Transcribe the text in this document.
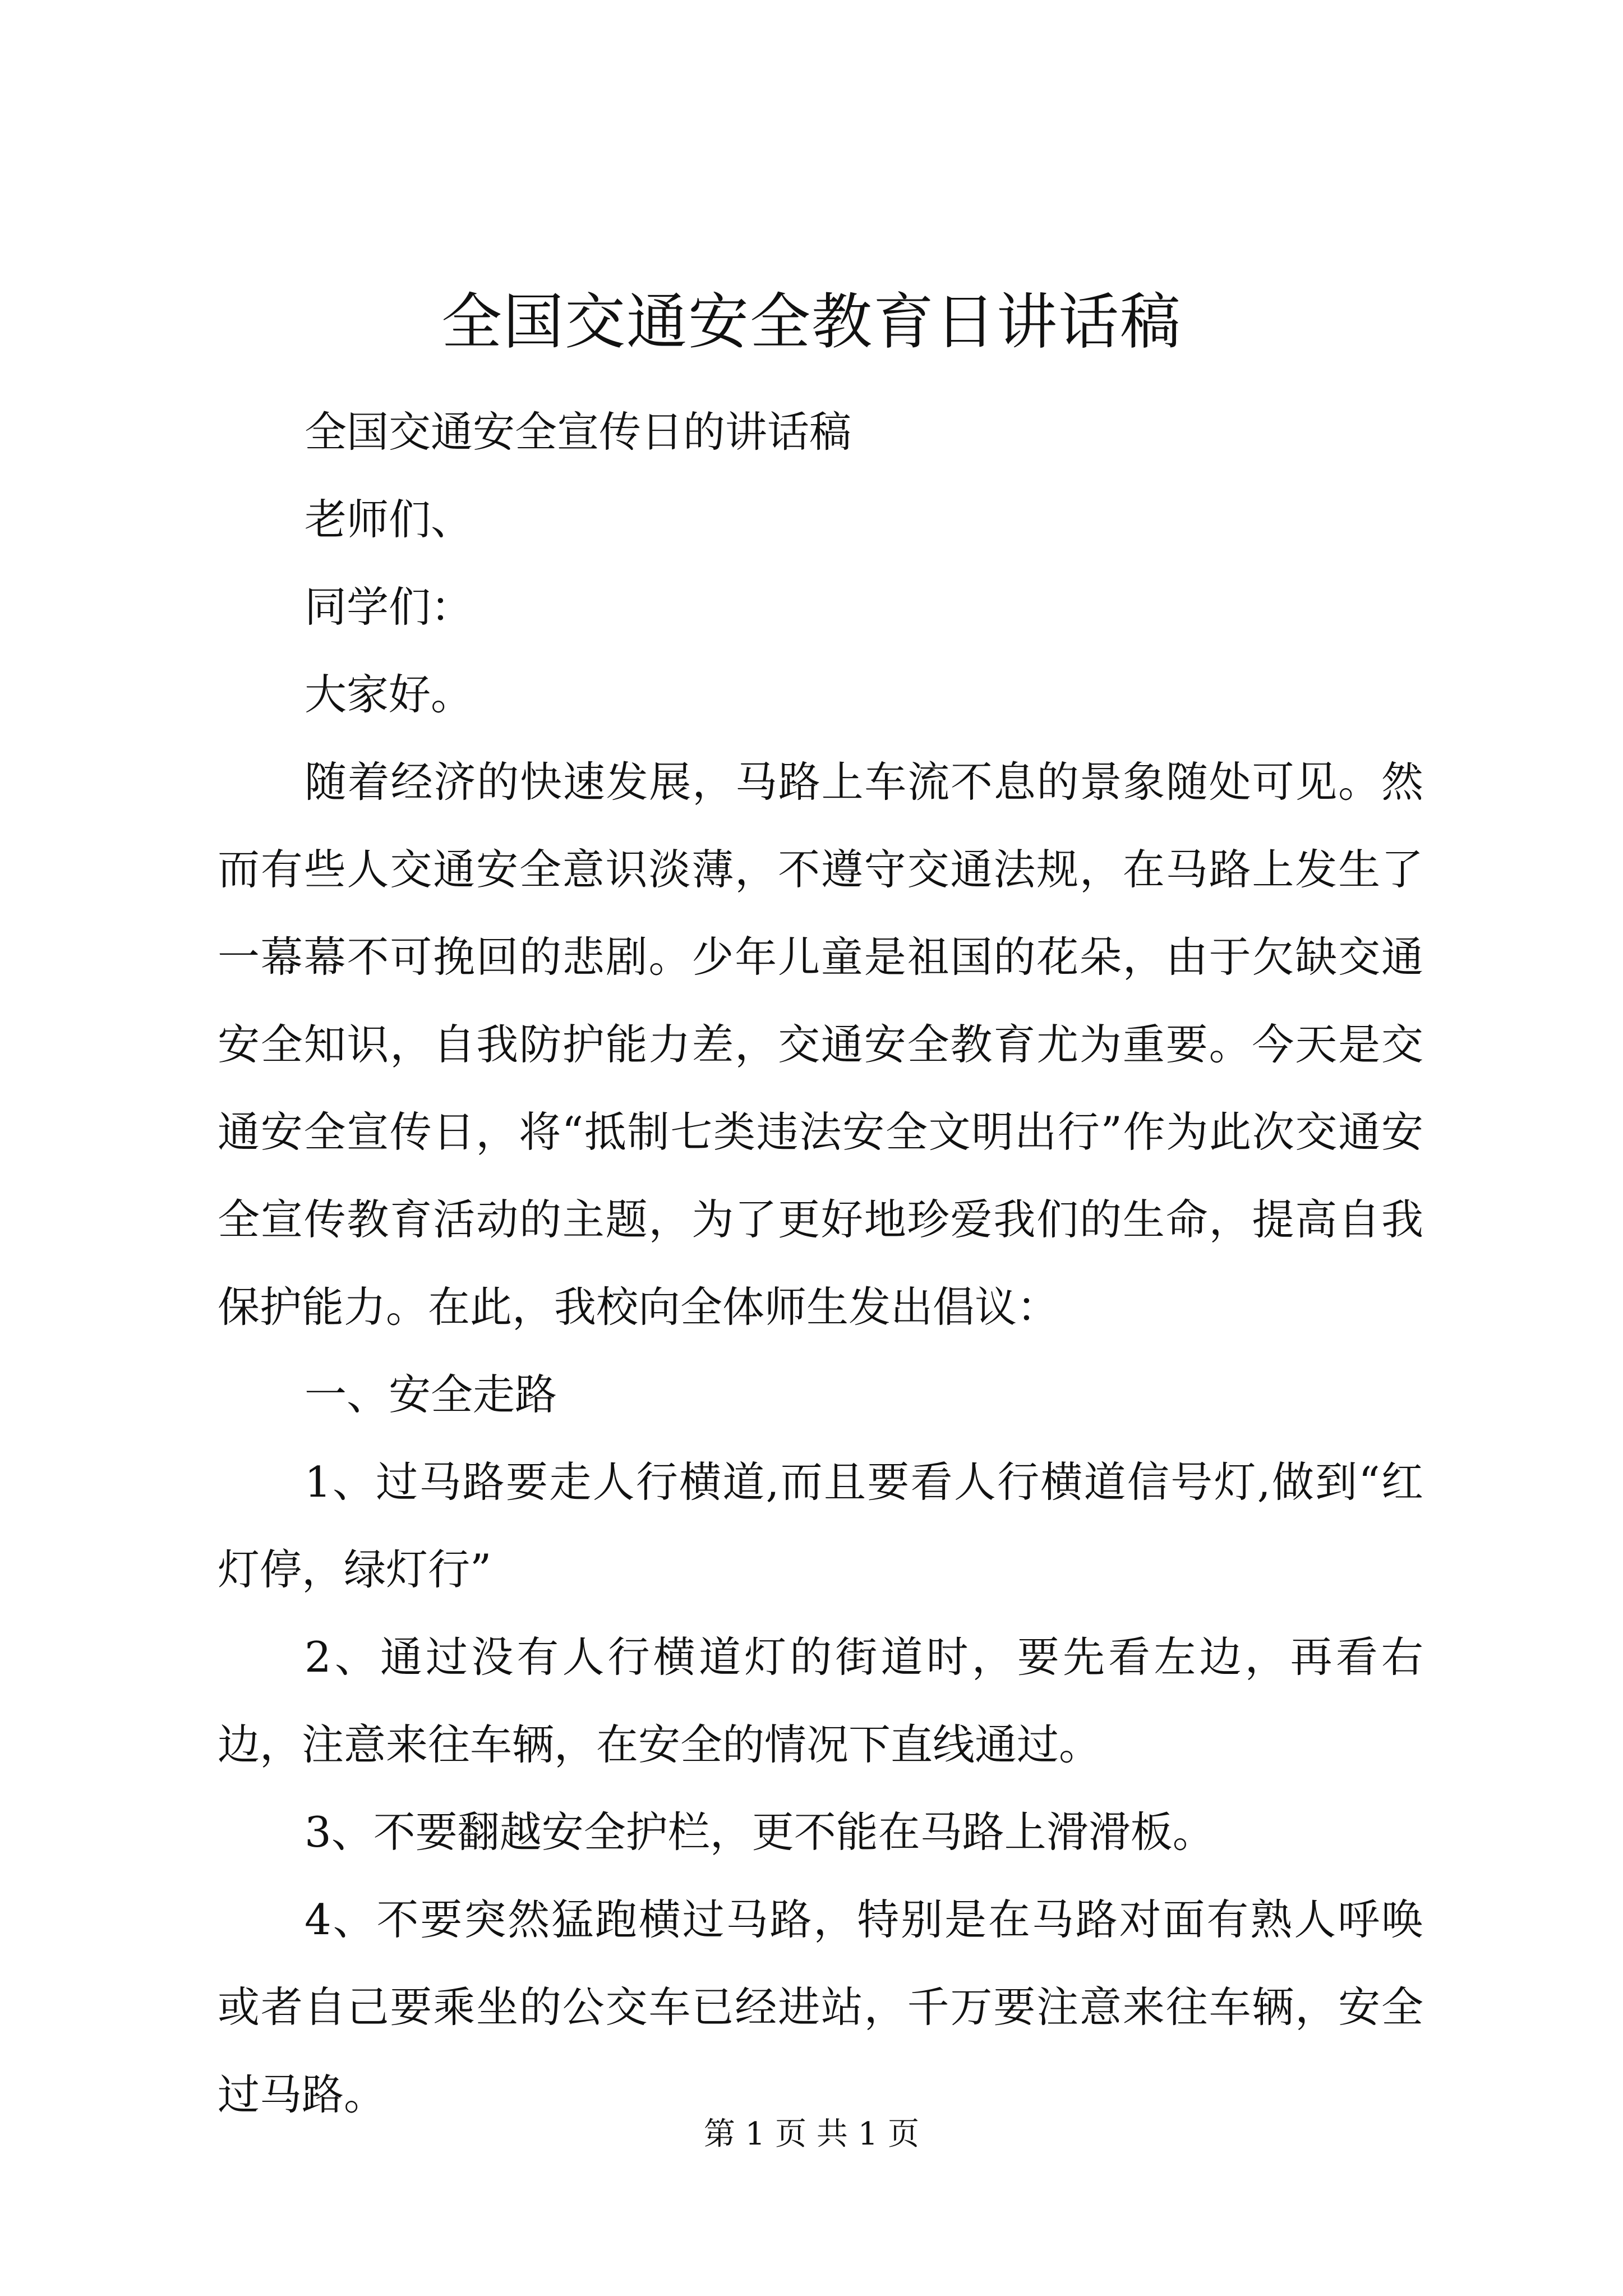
全国交通安全教育日讲话稿

全国交通安全宣传日的讲话稿

老师们、

同学们：

大家好。

随着经济的快速发展，马路上车流不息的景象随处可见。然而有些人交通安全意识淡薄，不遵守交通法规，在马路上发生了一幕幕不可挽回的悲剧。少年儿童是祖国的花朵，由于欠缺交通安全知识，自我防护能力差，交通安全教育尤为重要。今天是交通安全宣传日，将“抵制七类违法安全文明出行”作为此次交通安全宣传教育活动的主题，为了更好地珍爱我们的生命，提高自我保护能力。在此，我校向全体师生发出倡议：

一、安全走路

1、过马路要走人行横道,而且要看人行横道信号灯,做到“红灯停，绿灯行”

2、通过没有人行横道灯的街道时，要先看左边，再看右边，注意来往车辆，在安全的情况下直线通过。

3、不要翻越安全护栏，更不能在马路上滑滑板。

4、不要突然猛跑横过马路，特别是在马路对面有熟人呼唤或者自己要乘坐的公交车已经进站，千万要注意来往车辆，安全过马路。

第 1 页 共 1 页
